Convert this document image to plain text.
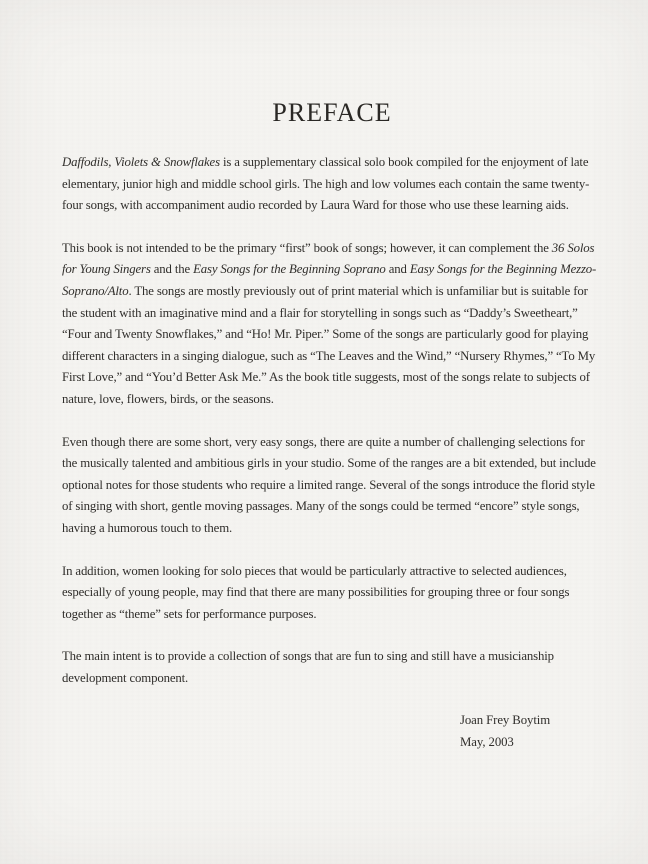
PREFACE

Daffodils, Violets & Snowflakes is a supplementary classical solo book compiled for the enjoyment of late elementary, junior high and middle school girls. The high and low volumes each contain the same twenty-four songs, with accompaniment audio recorded by Laura Ward for those who use these learning aids.

This book is not intended to be the primary “first” book of songs; however, it can complement the 36 Solos for Young Singers and the Easy Songs for the Beginning Soprano and Easy Songs for the Beginning Mezzo-Soprano/Alto. The songs are mostly previously out of print material which is unfamiliar but is suitable for the student with an imaginative mind and a flair for storytelling in songs such as “Daddy’s Sweetheart,” “Four and Twenty Snowflakes,” and “Ho! Mr. Piper.” Some of the songs are particularly good for playing different characters in a singing dialogue, such as “The Leaves and the Wind,” “Nursery Rhymes,” “To My First Love,” and “You’d Better Ask Me.” As the book title suggests, most of the songs relate to subjects of nature, love, flowers, birds, or the seasons.

Even though there are some short, very easy songs, there are quite a number of challenging selections for the musically talented and ambitious girls in your studio. Some of the ranges are a bit extended, but include optional notes for those students who require a limited range. Several of the songs introduce the florid style of singing with short, gentle moving passages. Many of the songs could be termed “encore” style songs, having a humorous touch to them.

In addition, women looking for solo pieces that would be particularly attractive to selected audiences, especially of young people, may find that there are many possibilities for grouping three or four songs together as “theme” sets for performance purposes.

The main intent is to provide a collection of songs that are fun to sing and still have a musicianship development component.

Joan Frey Boytim
May, 2003
